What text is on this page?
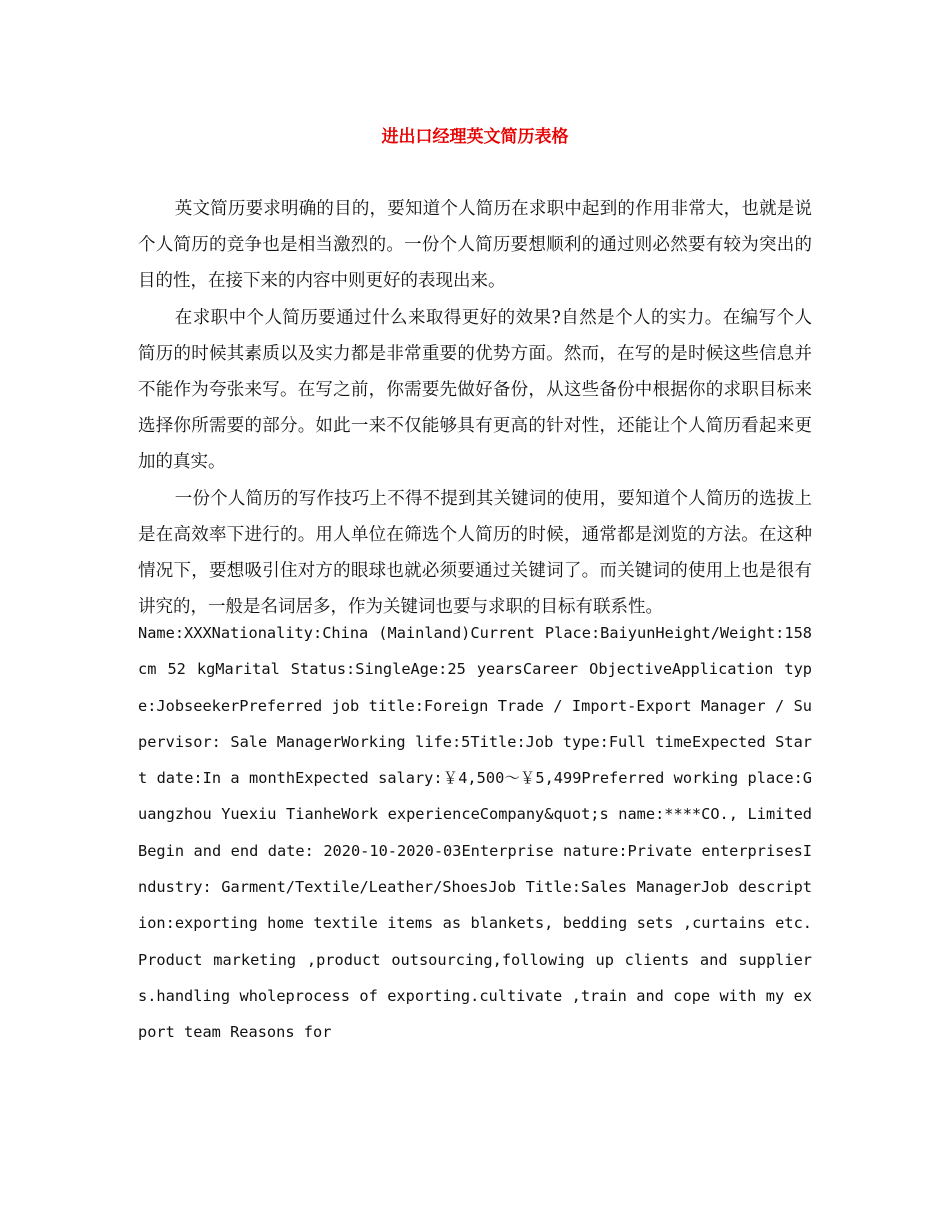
进出口经理英文简历表格

英文简历要求明确的目的，要知道个人简历在求职中起到的作用非常大，也就是说个人简历的竞争也是相当激烈的。一份个人简历要想顺利的通过则必然要有较为突出的目的性，在接下来的内容中则更好的表现出来。

在求职中个人简历要通过什么来取得更好的效果?自然是个人的实力。在编写个人简历的时候其素质以及实力都是非常重要的优势方面。然而，在写的是时候这些信息并不能作为夸张来写。在写之前，你需要先做好备份，从这些备份中根据你的求职目标来选择你所需要的部分。如此一来不仅能够具有更高的针对性，还能让个人简历看起来更加的真实。

一份个人简历的写作技巧上不得不提到其关键词的使用，要知道个人简历的选拔上是在高效率下进行的。用人单位在筛选个人简历的时候，通常都是浏览的方法。在这种情况下，要想吸引住对方的眼球也就必须要通过关键词了。而关键词的使用上也是很有讲究的，一般是名词居多，作为关键词也要与求职的目标有联系性。

Name:XXXNationality:China (Mainland)Current Place:BaiyunHeight/Weight:158 cm 52 kgMarital Status:SingleAge:25 yearsCareer ObjectiveApplication type:JobseekerPreferred job title:Foreign Trade / Import-Export Manager / Supervisor: Sale ManagerWorking life:5Title:Job type:Full timeExpected Start date:In a monthExpected salary:￥4,500～￥5,499Preferred working place:Guangzhou Yuexiu TianheWork experienceCompany&quot;s name:****CO., LimitedBegin and end date: 2020-10-2020-03Enterprise nature:Private enterprisesIndustry: Garment/Textile/Leather/ShoesJob Title:Sales ManagerJob description:exporting home textile items as blankets, bedding sets ,curtains etc.Product marketing ,product outsourcing,following up clients and suppliers.handling wholeprocess of exporting.cultivate ,train and cope with my export team Reasons for
